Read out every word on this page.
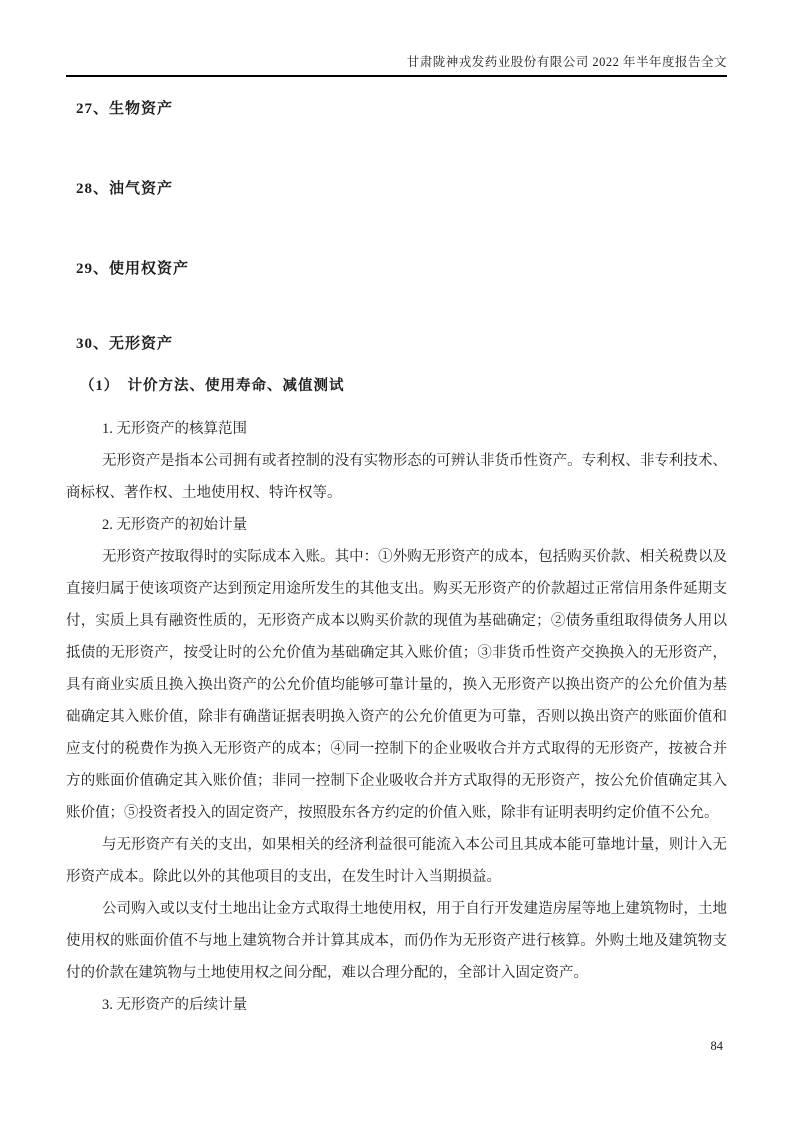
甘肃陇神戎发药业股份有限公司 2022 年半年度报告全文
27、生物资产
28、油气资产
29、使用权资产
30、无形资产
（1）　计价方法、使用寿命、减值测试
1. 无形资产的核算范围
无形资产是指本公司拥有或者控制的没有实物形态的可辨认非货币性资产。专利权、非专利技术、商标权、著作权、土地使用权、特许权等。
2. 无形资产的初始计量
无形资产按取得时的实际成本入账。其中：①外购无形资产的成本，包括购买价款、相关税费以及直接归属于使该项资产达到预定用途所发生的其他支出。购买无形资产的价款超过正常信用条件延期支付，实质上具有融资性质的，无形资产成本以购买价款的现值为基础确定；②债务重组取得债务人用以抵债的无形资产，按受让时的公允价值为基础确定其入账价值；③非货币性资产交换换入的无形资产，具有商业实质且换入换出资产的公允价值均能够可靠计量的，换入无形资产以换出资产的公允价值为基础确定其入账价值，除非有确凿证据表明换入资产的公允价值更为可靠，否则以换出资产的账面价值和应支付的税费作为换入无形资产的成本；④同一控制下的企业吸收合并方式取得的无形资产，按被合并方的账面价值确定其入账价值；非同一控制下企业吸收合并方式取得的无形资产，按公允价值确定其入账价值；⑤投资者投入的固定资产，按照股东各方约定的价值入账，除非有证明表明约定价值不公允。
与无形资产有关的支出，如果相关的经济利益很可能流入本公司且其成本能可靠地计量，则计入无形资产成本。除此以外的其他项目的支出，在发生时计入当期损益。
公司购入或以支付土地出让金方式取得土地使用权，用于自行开发建造房屋等地上建筑物时，土地使用权的账面价值不与地上建筑物合并计算其成本，而仍作为无形资产进行核算。外购土地及建筑物支付的价款在建筑物与土地使用权之间分配，难以合理分配的，全部计入固定资产。
3. 无形资产的后续计量
84
